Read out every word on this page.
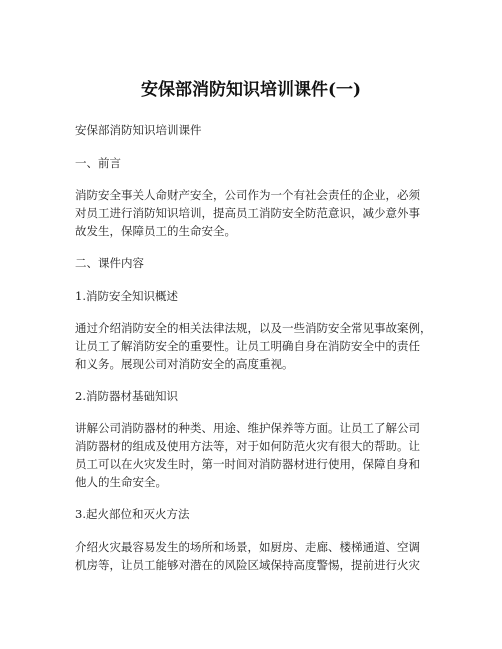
安保部消防知识培训课件(一)
安保部消防知识培训课件
一、前言
消防安全事关人命财产安全，公司作为一个有社会责任的企业，必须
对员工进行消防知识培训，提高员工消防安全防范意识，减少意外事
故发生，保障员工的生命安全。
二、课件内容
1.消防安全知识概述
通过介绍消防安全的相关法律法规，以及一些消防安全常见事故案例，
让员工了解消防安全的重要性。让员工明确自身在消防安全中的责任
和义务。展现公司对消防安全的高度重视。
2.消防器材基础知识
讲解公司消防器材的种类、用途、维护保养等方面。让员工了解公司
消防器材的组成及使用方法等，对于如何防范火灾有很大的帮助。让
员工可以在火灾发生时，第一时间对消防器材进行使用，保障自身和
他人的生命安全。
3.起火部位和灭火方法
介绍火灾最容易发生的场所和场景，如厨房、走廊、楼梯通道、空调
机房等，让员工能够对潜在的风险区域保持高度警惕，提前进行火灾
